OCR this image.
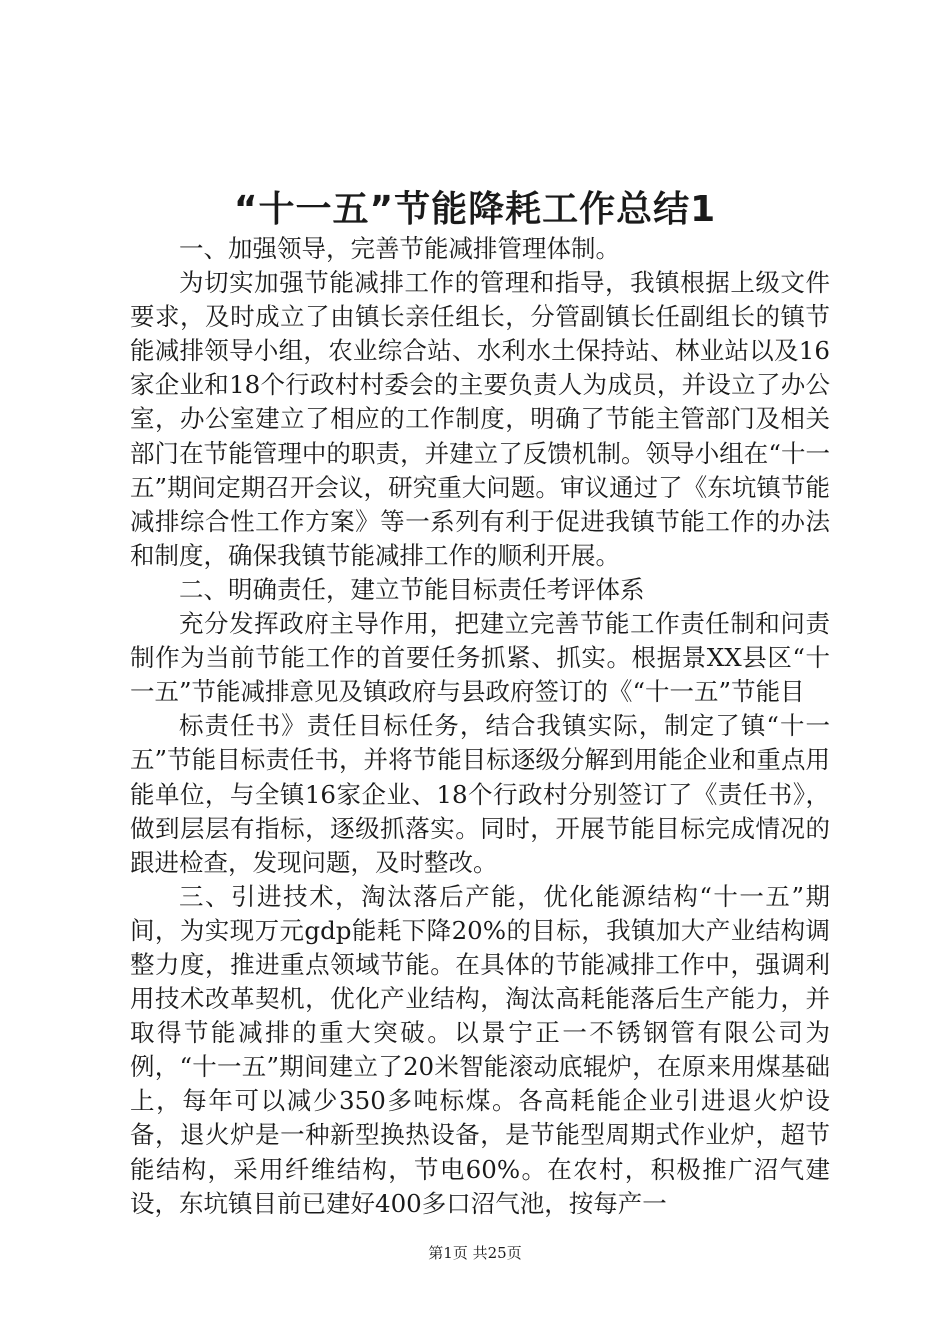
“十一五”节能降耗工作总结1

一、加强领导，完善节能减排管理体制。

为切实加强节能减排工作的管理和指导，我镇根据上级文件要求，及时成立了由镇长亲任组长，分管副镇长任副组长的镇节能减排领导小组，农业综合站、水利水土保持站、林业站以及16家企业和18个行政村村委会的主要负责人为成员，并设立了办公室，办公室建立了相应的工作制度，明确了节能主管部门及相关部门在节能管理中的职责，并建立了反馈机制。领导小组在“十一五”期间定期召开会议，研究重大问题。审议通过了《东坑镇节能减排综合性工作方案》等一系列有利于促进我镇节能工作的办法和制度，确保我镇节能减排工作的顺利开展。

二、明确责任，建立节能目标责任考评体系

充分发挥政府主导作用，把建立完善节能工作责任制和问责制作为当前节能工作的首要任务抓紧、抓实。根据景XX县区“十一五”节能减排意见及镇政府与县政府签订的《“十一五”节能目

标责任书》责任目标任务，结合我镇实际，制定了镇“十一五”节能目标责任书，并将节能目标逐级分解到用能企业和重点用能单位，与全镇16家企业、18个行政村分别签订了《责任书》，做到层层有指标，逐级抓落实。同时，开展节能目标完成情况的跟进检查，发现问题，及时整改。

三、引进技术，淘汰落后产能，优化能源结构“十一五”期间，为实现万元gdp能耗下降20%的目标，我镇加大产业结构调整力度，推进重点领域节能。在具体的节能减排工作中，强调利用技术改革契机，优化产业结构，淘汰高耗能落后生产能力，并取得节能减排的重大突破。以景宁正一不锈钢管有限公司为例，“十一五”期间建立了20米智能滚动底辊炉，在原来用煤基础上，每年可以减少350多吨标煤。各高耗能企业引进退火炉设备，退火炉是一种新型换热设备，是节能型周期式作业炉，超节能结构，采用纤维结构，节电60%。在农村，积极推广沼气建设，东坑镇目前已建好400多口沼气池，按每产一

第1页 共25页
